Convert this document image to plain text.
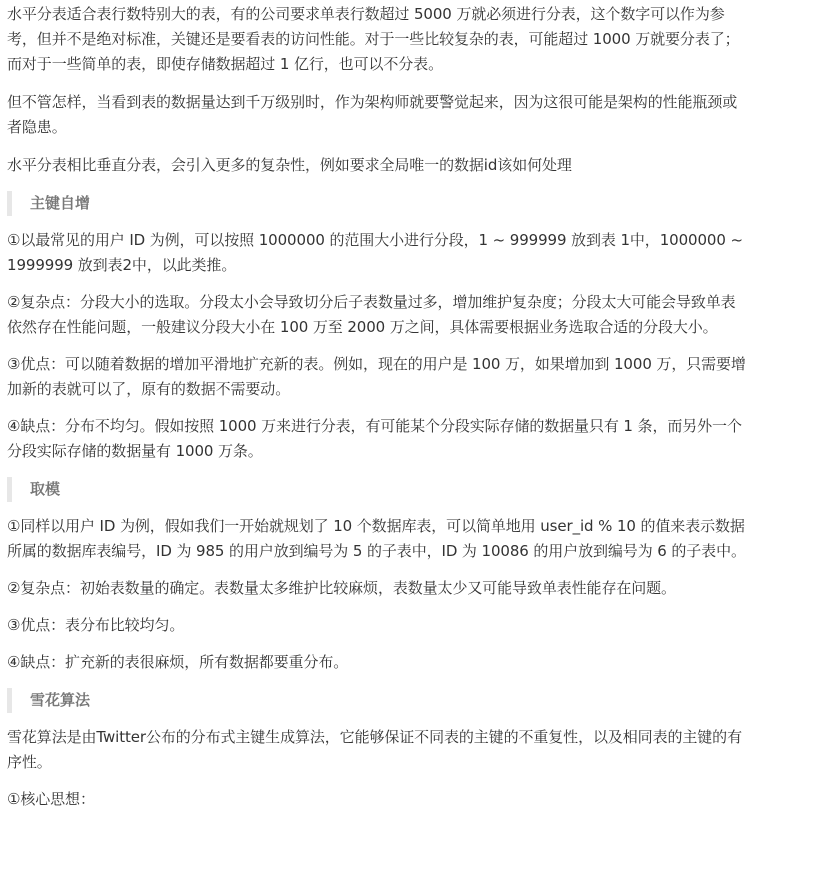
水平分表适合表行数特别大的表，有的公司要求单表行数超过 5000 万就必须进行分表，这个数字可以作为参考，但并不是绝对标准，关键还是要看表的访问性能。对于一些比较复杂的表，可能超过 1000 万就要分表了；而对于一些简单的表，即使存储数据超过 1 亿行，也可以不分表。

但不管怎样，当看到表的数据量达到千万级别时，作为架构师就要警觉起来，因为这很可能是架构的性能瓶颈或者隐患。

水平分表相比垂直分表，会引入更多的复杂性，例如要求全局唯一的数据id该如何处理

主键自增

①以最常见的用户 ID 为例，可以按照 1000000 的范围大小进行分段，1 ~ 999999 放到表 1中，1000000 ~ 1999999 放到表2中，以此类推。

②复杂点：分段大小的选取。分段太小会导致切分后子表数量过多，增加维护复杂度；分段太大可能会导致单表依然存在性能问题，一般建议分段大小在 100 万至 2000 万之间，具体需要根据业务选取合适的分段大小。

③优点：可以随着数据的增加平滑地扩充新的表。例如，现在的用户是 100 万，如果增加到 1000 万，只需要增加新的表就可以了，原有的数据不需要动。

④缺点：分布不均匀。假如按照 1000 万来进行分表，有可能某个分段实际存储的数据量只有 1 条，而另外一个分段实际存储的数据量有 1000 万条。

取模

①同样以用户 ID 为例，假如我们一开始就规划了 10 个数据库表，可以简单地用 user_id % 10 的值来表示数据所属的数据库表编号，ID 为 985 的用户放到编号为 5 的子表中，ID 为 10086 的用户放到编号为 6 的子表中。

②复杂点：初始表数量的确定。表数量太多维护比较麻烦，表数量太少又可能导致单表性能存在问题。

③优点：表分布比较均匀。

④缺点：扩充新的表很麻烦，所有数据都要重分布。

雪花算法

雪花算法是由Twitter公布的分布式主键生成算法，它能够保证不同表的主键的不重复性，以及相同表的主键的有序性。

①核心思想：
